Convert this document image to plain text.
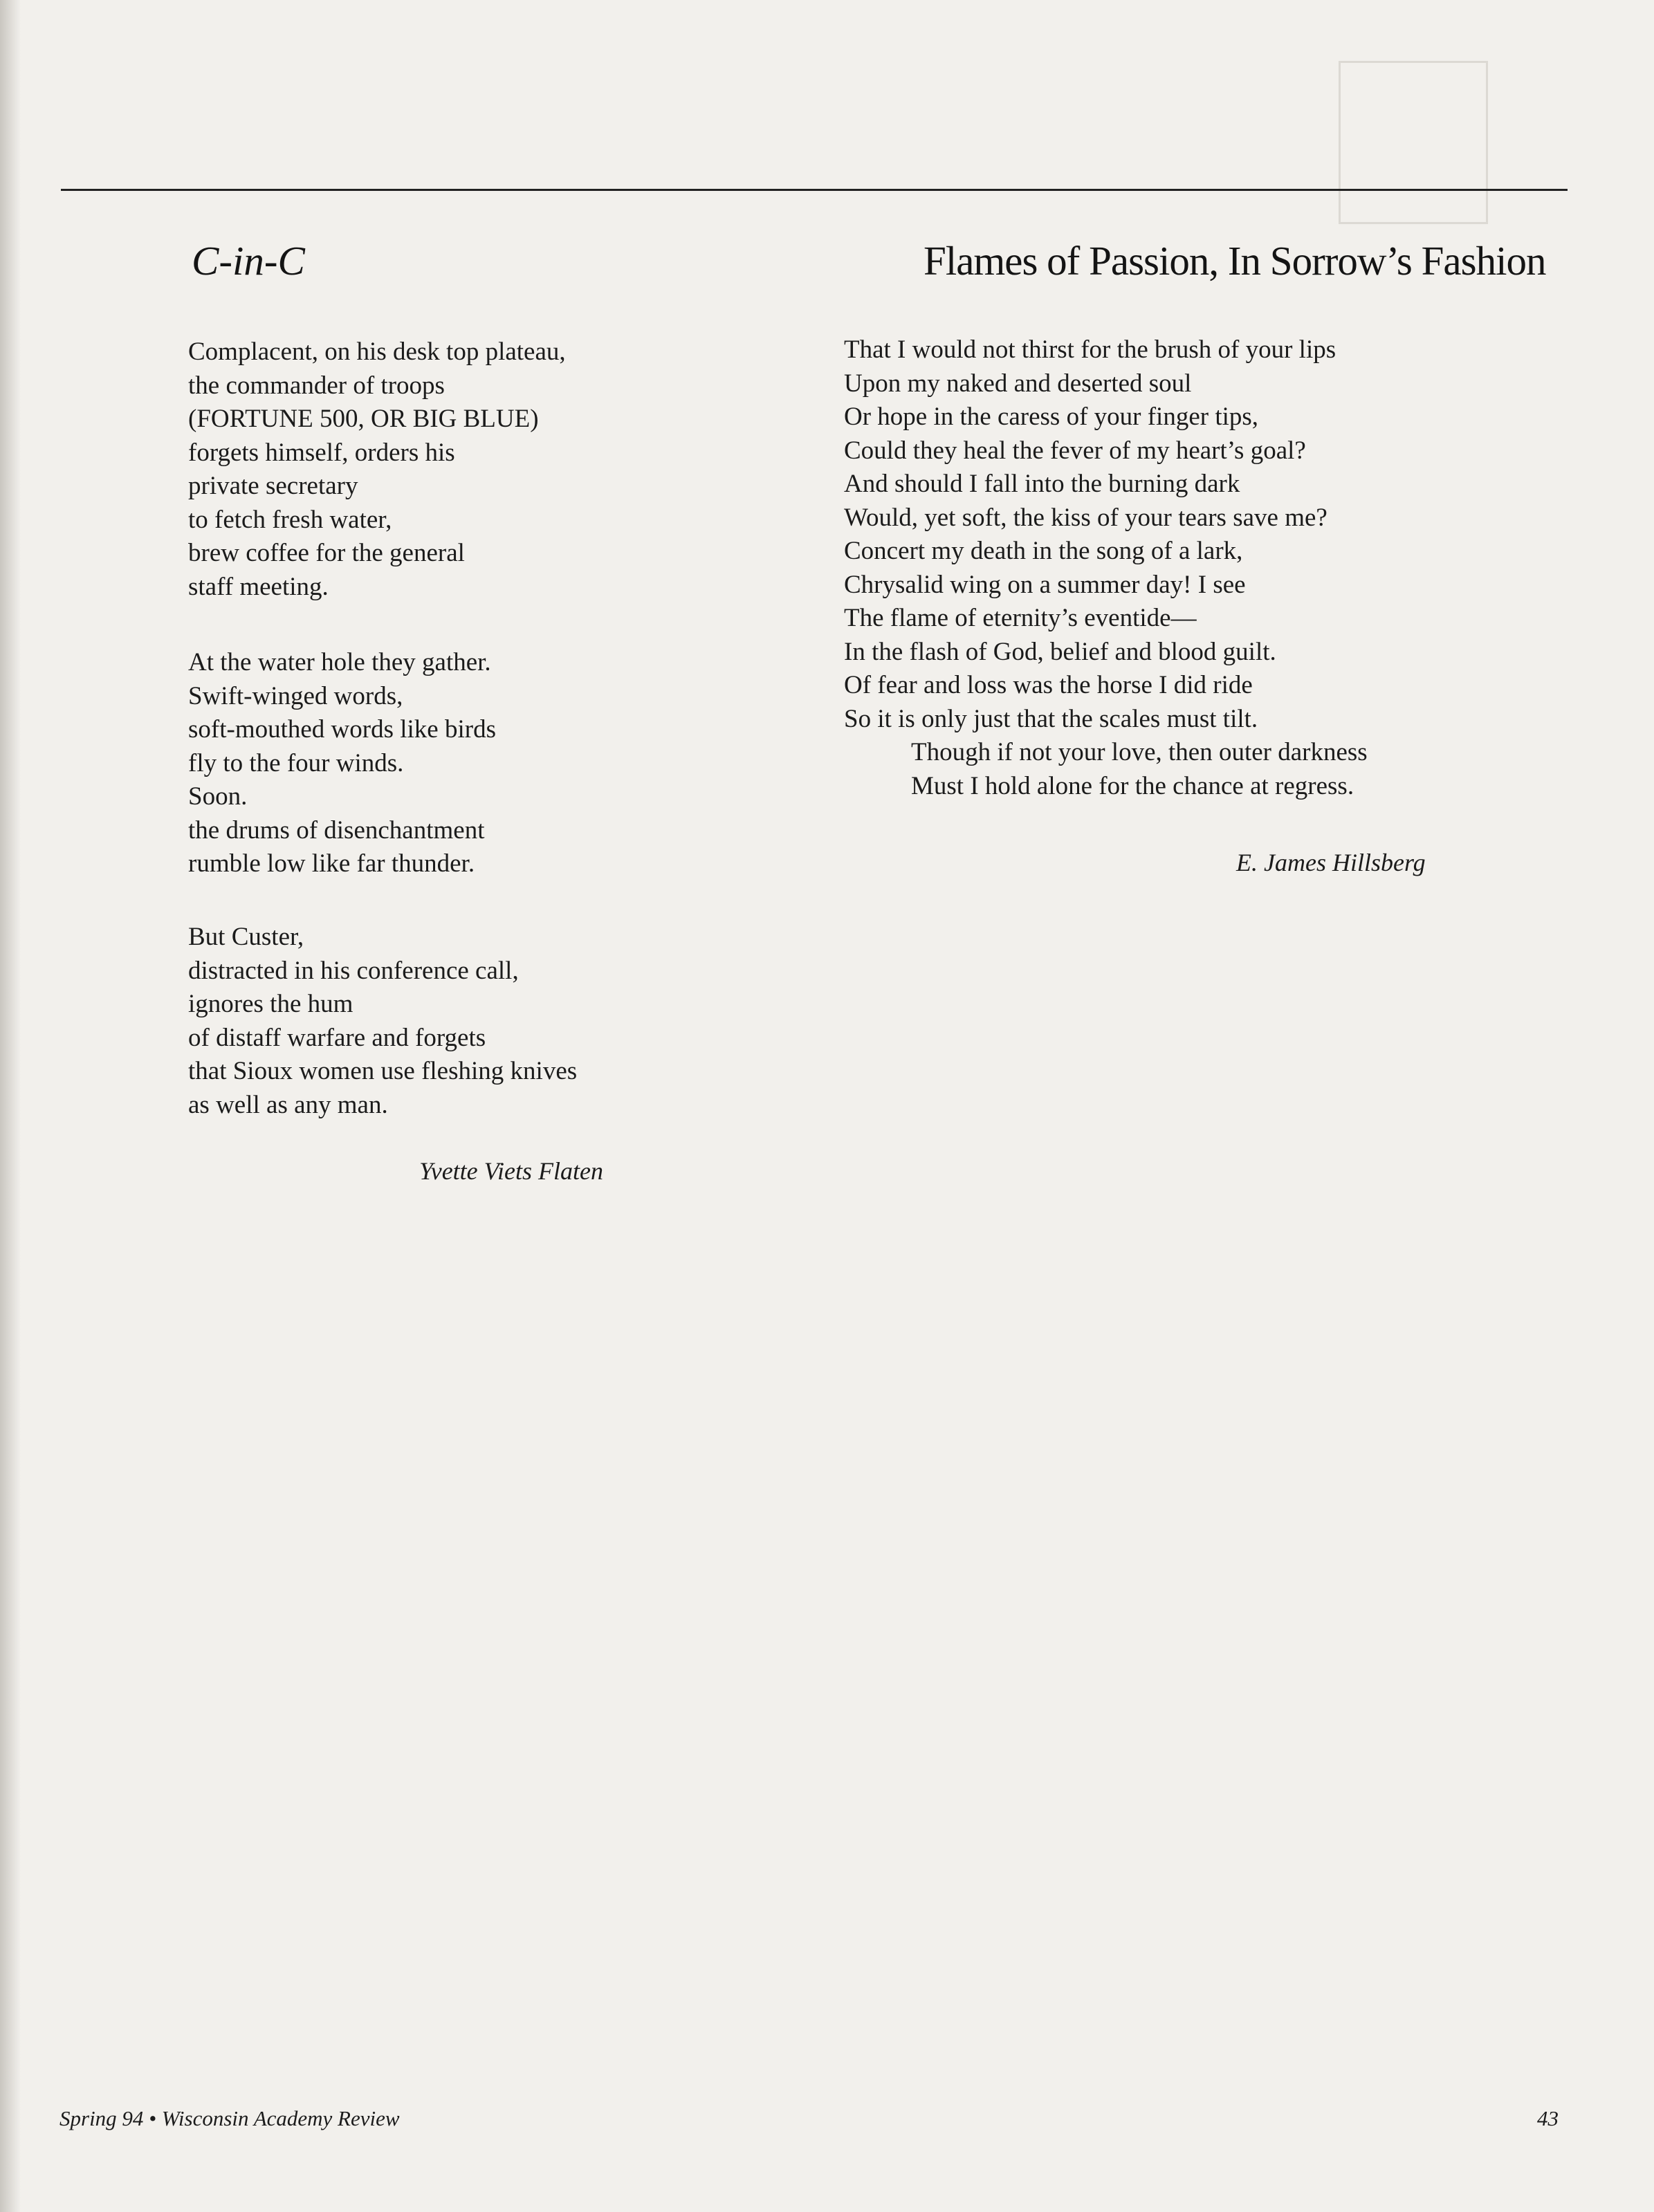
C-in-C
Complacent, on his desk top plateau,
the commander of troops
(FORTUNE 500, OR BIG BLUE)
forgets himself, orders his
private secretary
to fetch fresh water,
brew coffee for the general
staff meeting.
At the water hole they gather.
Swift-winged words,
soft-mouthed words like birds
fly to the four winds.
Soon.
the drums of disenchantment
rumble low like far thunder.
But Custer,
distracted in his conference call,
ignores the hum
of distaff warfare and forgets
that Sioux women use fleshing knives
as well as any man.
Yvette Viets Flaten
Flames of Passion, In Sorrow’s Fashion
That I would not thirst for the brush of your lips
Upon my naked and deserted soul
Or hope in the caress of your finger tips,
Could they heal the fever of my heart’s goal?
And should I fall into the burning dark
Would, yet soft, the kiss of your tears save me?
Concert my death in the song of a lark,
Chrysalid wing on a summer day! I see
The flame of eternity’s eventide—
In the flash of God, belief and blood guilt.
Of fear and loss was the horse I did ride
So it is only just that the scales must tilt.
Though if not your love, then outer darkness
Must I hold alone for the chance at regress.
E. James Hillsberg
Spring 94 • Wisconsin Academy Review	43
